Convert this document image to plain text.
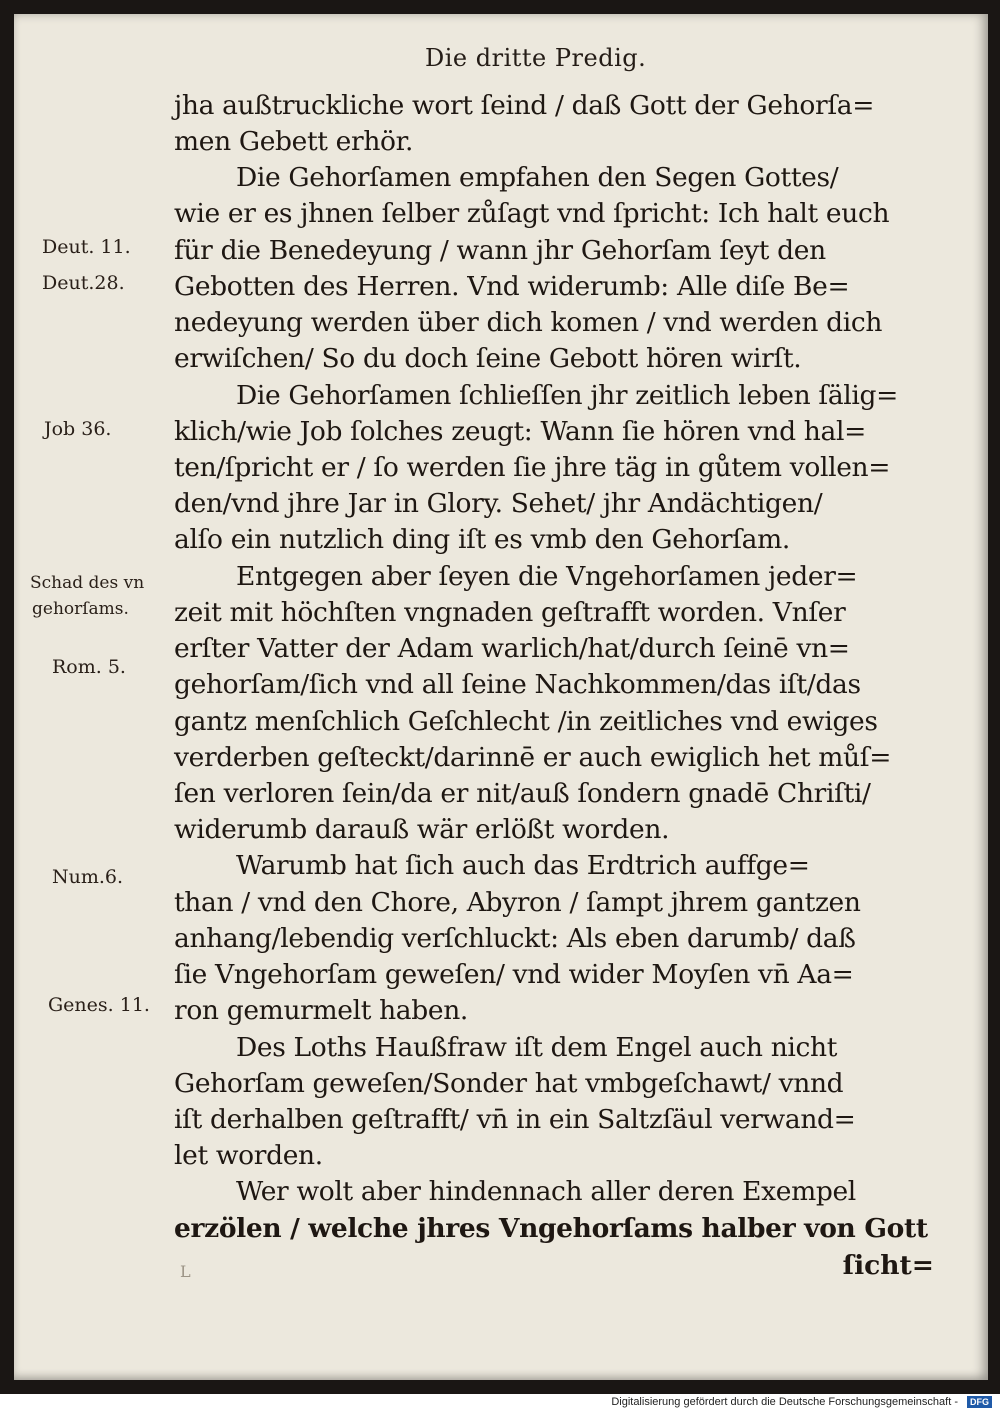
Die dritte Predig.
Deut. 11.
Deut.28.
Job 36.
Schad des vn
gehorſams.
Rom. 5.
Num.6.
Genes. 11.
jha außtruckliche wort ſeind / daß Gott der Gehorſa=
men Gebett erhör.
Die Gehorſamen empfahen den Segen Gottes/
wie er es jhnen ſelber zůſagt vnd ſpricht: Ich halt euch
für die Benedeyung / wann jhr Gehorſam ſeyt den
Gebotten des Herren. Vnd widerumb: Alle diſe Be=
nedeyung werden über dich komen / vnd werden dich
erwiſchen/ So du doch ſeine Gebott hören wirſt.
Die Gehorſamen ſchlieſſen jhr zeitlich leben ſälig=
klich/wie Job ſolches zeugt: Wann ſie hören vnd hal=
ten/ſpricht er / ſo werden ſie jhre täg in gůtem vollen=
den/vnd jhre Jar in Glory. Sehet/ jhr Andächtigen/
alſo ein nutzlich ding iſt es vmb den Gehorſam.
Entgegen aber ſeyen die Vngehorſamen jeder=
zeit mit höchſten vngnaden geſtrafft worden. Vnſer
erſter Vatter der Adam warlich/hat/durch ſeinē vn=
gehorſam/ſich vnd all ſeine Nachkommen/das iſt/das
gantz menſchlich Geſchlecht /in zeitliches vnd ewiges
verderben geſteckt/darinnē er auch ewiglich het můſ=
ſen verloren ſein/da er nit/auß ſondern gnadē Chriſti/
widerumb darauß wär erlößt worden.
Warumb hat ſich auch das Erdtrich auffge=
than / vnd den Chore, Abyron / ſampt jhrem gantzen
anhang/lebendig verſchluckt: Als eben darumb/ daß
ſie Vngehorſam geweſen/ vnd wider Moyſen vn̄ Aa=
ron gemurmelt haben.
Des Loths Haußfraw iſt dem Engel auch nicht
Gehorſam geweſen/Sonder hat vmbgeſchawt/ vnnd
iſt derhalben geſtrafft/ vn̄ in ein Saltzſäul verwand=
let worden.
Wer wolt aber hindennach aller deren Exempel
erzölen / welche jhres Vngehorſams halber von Gott
L	ſicht=
Digitalisierung gefördert durch die Deutsche Forschungsgemeinschaft -	DFG
